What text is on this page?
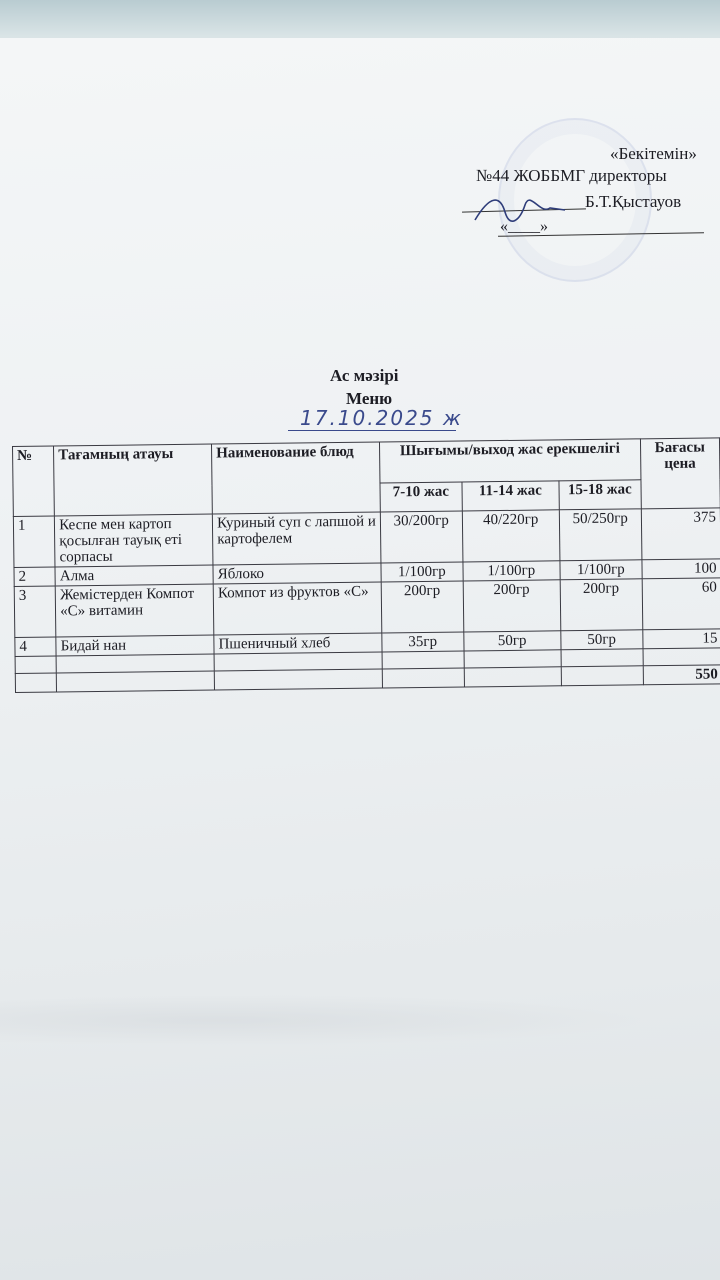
«Бекітемін»
№44 ЖОББМГ директоры
Б.Т.Қыстауов
«____»
Ас мәзірі
Меню
17.10.2025 ж
№	Тағамның атауы	Наименование блюд	Шығымы/выход жас ерекшелігі			Бағасы цена
			7-10 жас	11-14 жас	15-18 жас	
1	Кеспе мен картоп қосылған тауық еті сорпасы	Куриный суп с лапшой и картофелем	30/200гр	40/220гр	50/250гр	375
2	Алма	Яблоко	1/100гр	1/100гр	1/100гр	100
3	Жемістерден Компот «С» витамин	Компот из фруктов «С»	200гр	200гр	200гр	60
4	Бидай нан	Пшеничный хлеб	35гр	50гр	50гр	15

						550
